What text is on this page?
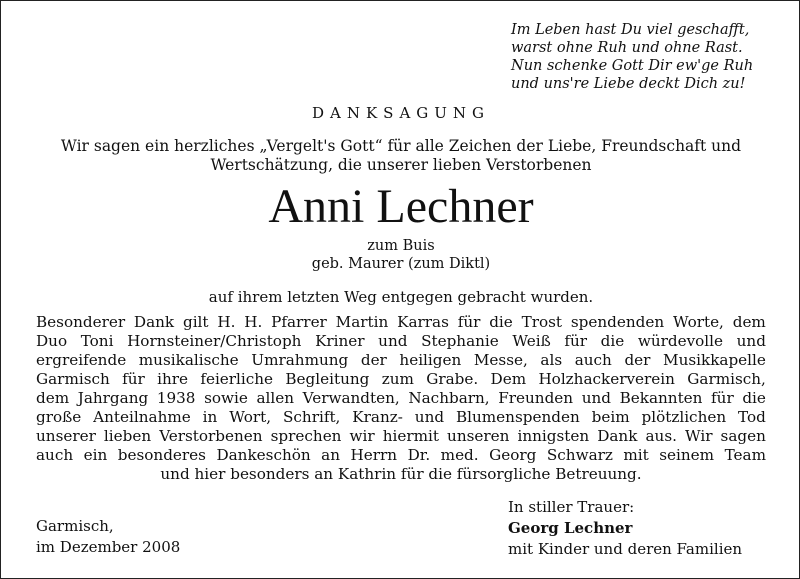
Im Leben hast Du viel geschafft,
warst ohne Ruh und ohne Rast.
Nun schenke Gott Dir ew'ge Ruh
und uns're Liebe deckt Dich zu!
DANKSAGUNG
Wir sagen ein herzliches „Vergelt's Gott“ für alle Zeichen der Liebe, Freundschaft und
Wertschätzung, die unserer lieben Verstorbenen
Anni Lechner
zum Buis
geb. Maurer (zum Diktl)
auf ihrem letzten Weg entgegen gebracht wurden.
Besonderer Dank gilt H. H. Pfarrer Martin Karras für die Trost spendenden Worte, dem
Duo Toni Hornsteiner/Christoph Kriner und Stephanie Weiß für die würdevolle und
ergreifende musikalische Umrahmung der heiligen Messe, als auch der Musikkapelle
Garmisch für ihre feierliche Begleitung zum Grabe. Dem Holzhackerverein Garmisch,
dem Jahrgang 1938 sowie allen Verwandten, Nachbarn, Freunden und Bekannten für die
große Anteilnahme in Wort, Schrift, Kranz- und Blumenspenden beim plötzlichen Tod
unserer lieben Verstorbenen sprechen wir hiermit unseren innigsten Dank aus. Wir sagen
auch ein besonderes Dankeschön an Herrn Dr. med. Georg Schwarz mit seinem Team
und hier besonders an Kathrin für die fürsorgliche Betreuung.
Garmisch,
im Dezember 2008
In stiller Trauer:
Georg Lechner
mit Kinder und deren Familien
